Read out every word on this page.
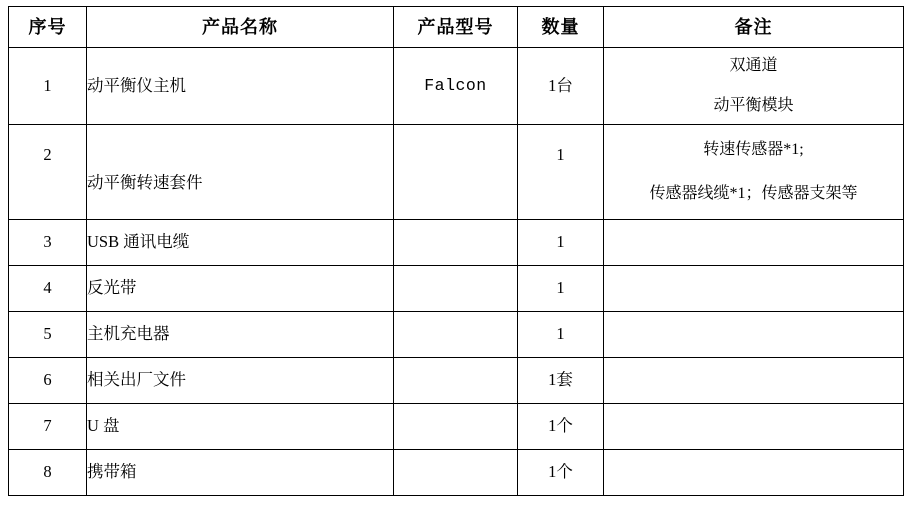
序号	产品名称	产品型号	数量	备注
1	动平衡仪主机	Falcon	1台	双通道
动平衡模块

2	动平衡转速套件		1	转速传感器*1;
传感器线缆*1；传感器支架等

3	USB 通讯电缆		1	
4	反光带		1	
5	主机充电器		1	
6	相关出厂文件		1套	
7	U 盘		1个	
8	携带箱		1个	
